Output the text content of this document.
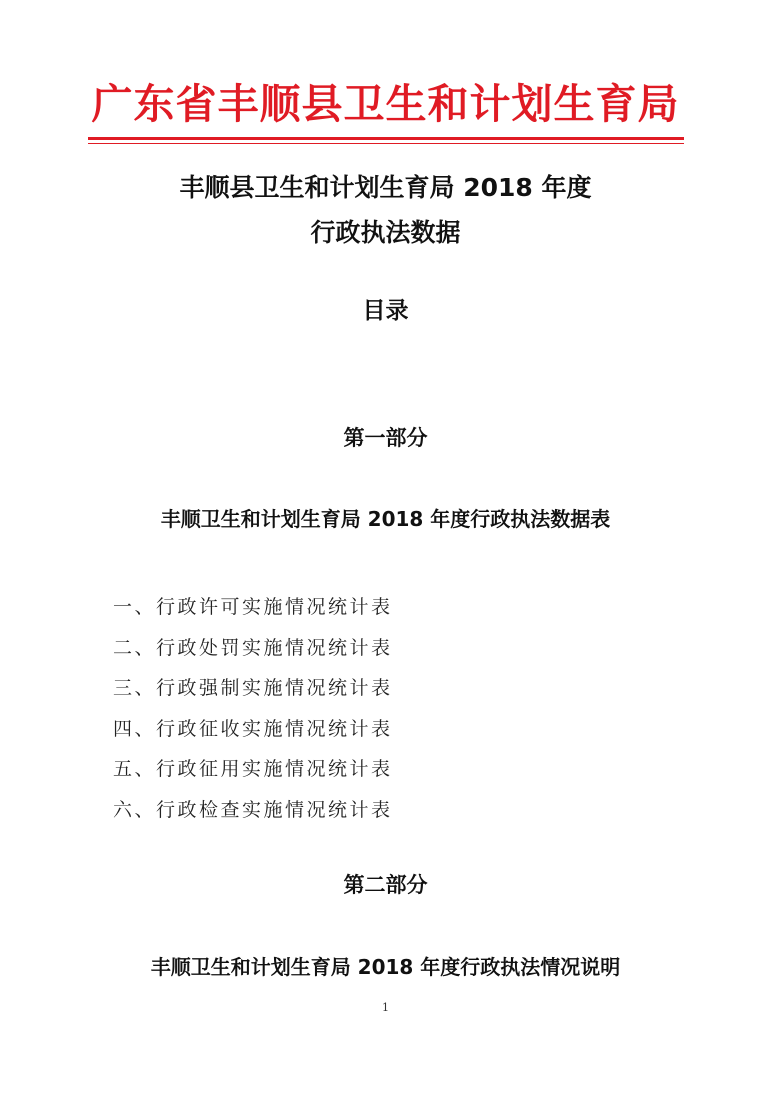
广东省丰顺县卫生和计划生育局
丰顺县卫生和计划生育局 2018 年度
行政执法数据
目录
第一部分
丰顺卫生和计划生育局 2018 年度行政执法数据表
一、行政许可实施情况统计表
二、行政处罚实施情况统计表
三、行政强制实施情况统计表
四、行政征收实施情况统计表
五、行政征用实施情况统计表
六、行政检查实施情况统计表
第二部分
丰顺卫生和计划生育局 2018 年度行政执法情况说明
1
